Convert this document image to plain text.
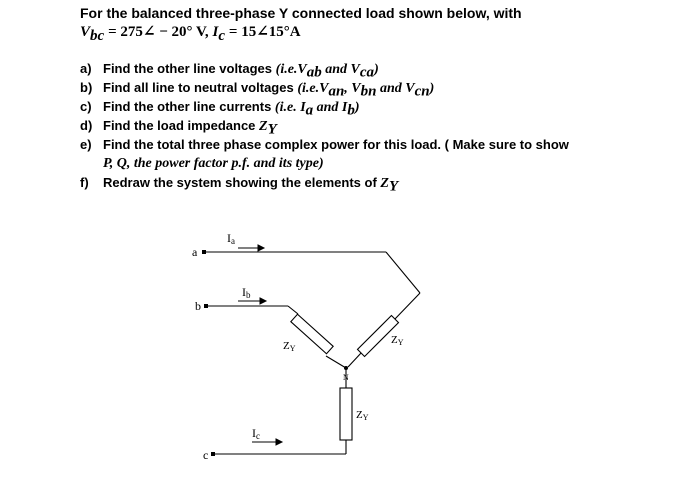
For the balanced three-phase Y connected load shown below, with
$V_{bc}$ = 275∠ − 20° V, $I_c$ = 15∠15°A
a) Find the other line voltages ($i.e.V_{ab}$ and $V_{ca}$)
b) Find all line to neutral voltages ($i.e.V_{an}$, $V_{bn}$ and $V_{cn}$)
c) Find the other line currents (i.e. $I_a$ and $I_b$)
d) Find the load impedance $Z_Y$
e) Find the total three phase complex power for this load. ( Make sure to show
P, Q, the power factor p.f. and its type)
f)	Redraw the system showing the elements of $Z_Y$
a
b
c
Ia
Ib
Ic
N
ZY
ZY
ZY
